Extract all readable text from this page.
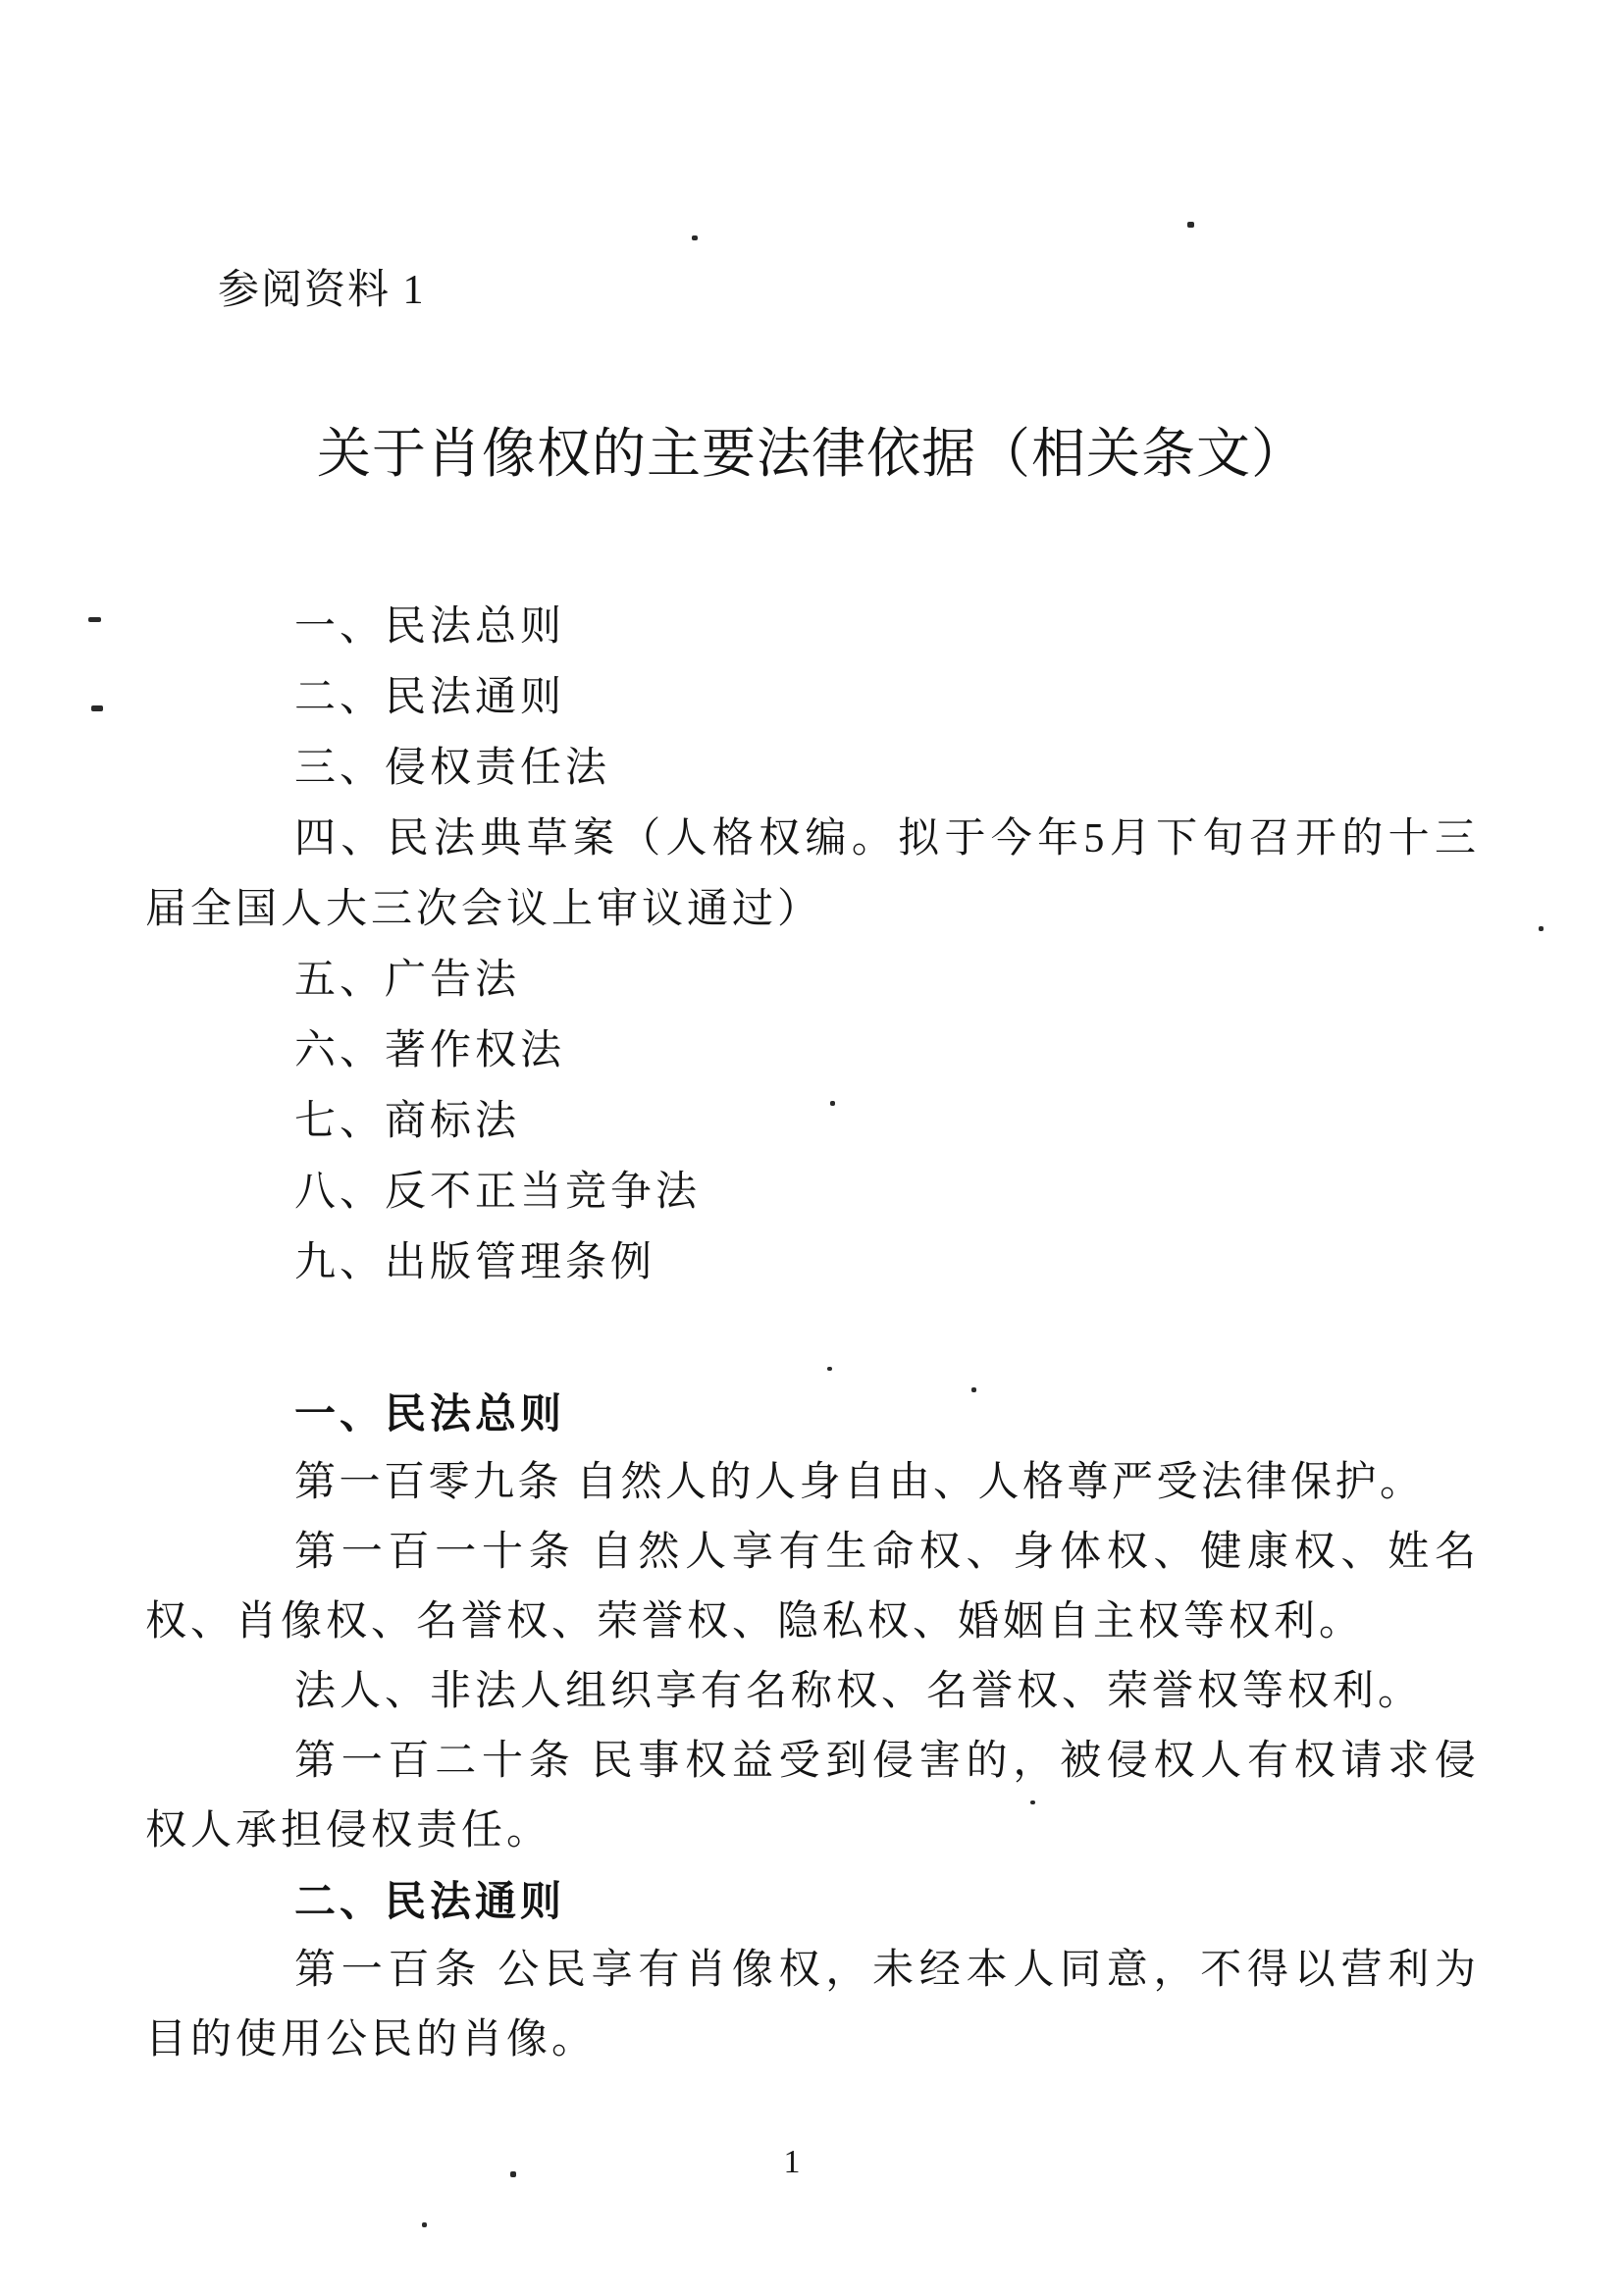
参阅资料 1
关于肖像权的主要法律依据（相关条文）

一、民法总则

二、民法通则

三、侵权责任法

四、民法典草案（人格权编。拟于今年5月下旬召开的十三届全国人大三次会议上审议通过）

五、广告法

六、著作权法

七、商标法

八、反不正当竞争法

九、出版管理条例

一、民法总则

第一百零九条 自然人的人身自由、人格尊严受法律保护。

第一百一十条 自然人享有生命权、身体权、健康权、姓名权、肖像权、名誉权、荣誉权、隐私权、婚姻自主权等权利。

法人、非法人组织享有名称权、名誉权、荣誉权等权利。

第一百二十条 民事权益受到侵害的，被侵权人有权请求侵权人承担侵权责任。

二、民法通则

第一百条 公民享有肖像权，未经本人同意，不得以营利为目的使用公民的肖像。

1
